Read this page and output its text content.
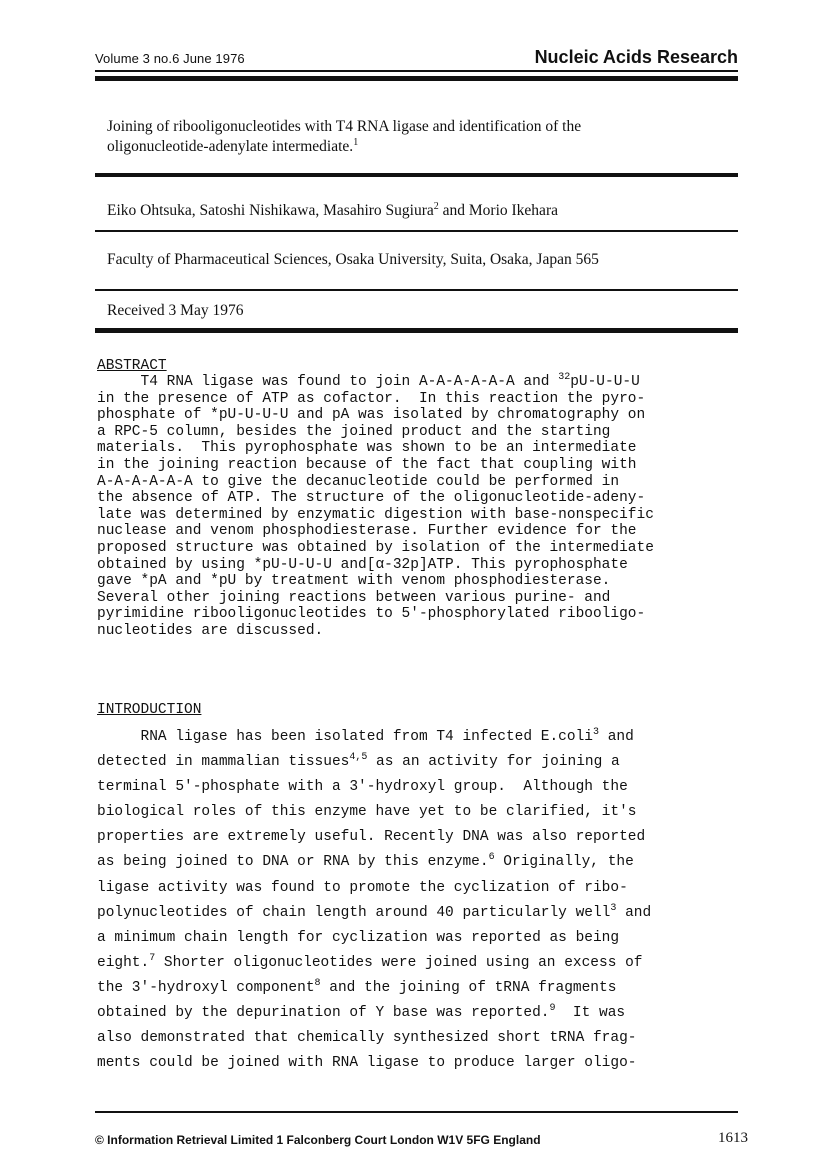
Volume 3 no.6 June 1976	Nucleic Acids Research
Joining of ribooligonucleotides with T4 RNA ligase and identification of the
oligonucleotide-adenylate intermediate.$^1$
Eiko Ohtsuka, Satoshi Nishikawa, Masahiro Sugiura$^2$ and Morio Ikehara
Faculty of Pharmaceutical Sciences, Osaka University, Suita, Osaka, Japan 565
Received 3 May 1976
ABSTRACT
T4 RNA ligase was found to join A-A-A-A-A-A and $^{32}$pU-U-U-U
in the presence of ATP as cofactor.  In this reaction the pyro-
phosphate of *pU-U-U-U and pA was isolated by chromatography on
a RPC-5 column, besides the joined product and the starting
materials.  This pyrophosphate was shown to be an intermediate
in the joining reaction because of the fact that coupling with
A-A-A-A-A-A to give the decanucleotide could be performed in
the absence of ATP. The structure of the oligonucleotide-adeny-
late was determined by enzymatic digestion with base-nonspecific
nuclease and venom phosphodiesterase. Further evidence for the
proposed structure was obtained by isolation of the intermediate
obtained by using *pU-U-U-U and[α-32p]ATP. This pyrophosphate
gave *pA and *pU by treatment with venom phosphodiesterase.
Several other joining reactions between various purine- and
pyrimidine ribooligonucleotides to 5'-phosphorylated ribooligo-
nucleotides are discussed.
INTRODUCTION
RNA ligase has been isolated from T4 infected E.coli$^3$ and
detected in mammalian tissues$^{4,5}$ as an activity for joining a
terminal 5'-phosphate with a 3'-hydroxyl group.  Although the
biological roles of this enzyme have yet to be clarified, it's
properties are extremely useful. Recently DNA was also reported
as being joined to DNA or RNA by this enzyme.$^6$ Originally, the
ligase activity was found to promote the cyclization of ribo-
polynucleotides of chain length around 40 particularly well$^3$ and
a minimum chain length for cyclization was reported as being
eight.$^7$ Shorter oligonucleotides were joined using an excess of
the 3'-hydroxyl component$^8$ and the joining of tRNA fragments
obtained by the depurination of Y base was reported.$^9$  It was
also demonstrated that chemically synthesized short tRNA frag-
ments could be joined with RNA ligase to produce larger oligo-
© Information Retrieval Limited 1 Falconberg Court London W1V 5FG England	1613
